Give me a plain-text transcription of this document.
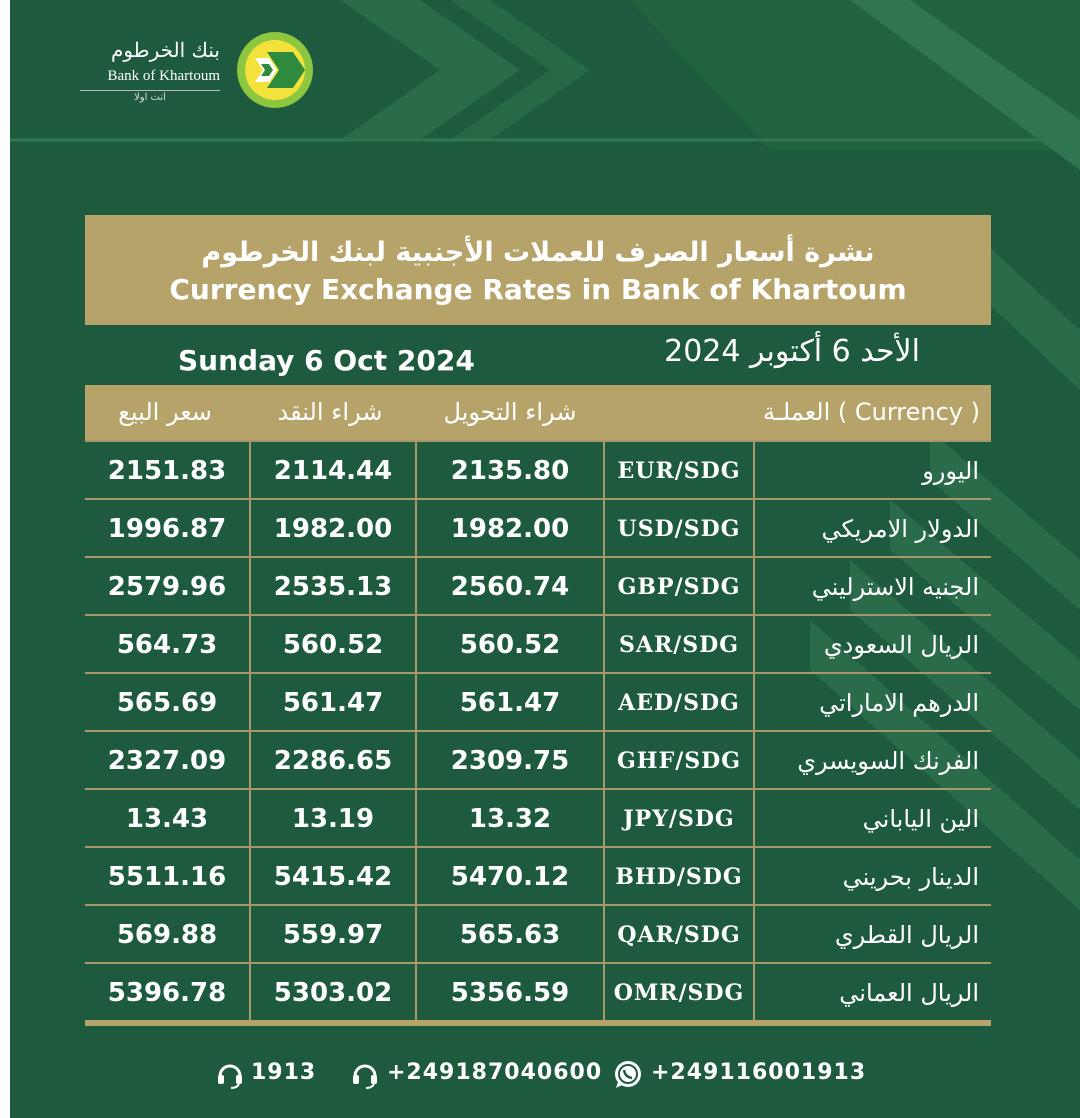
بنك الخرطوم
Bank of Khartoum
انت اولا
نشرة أسعار الصرف للعملات الأجنبية لبنك الخرطوم
Currency Exchange Rates in Bank of Khartoum
Sunday 6 Oct 2024	الأحد 6 أكتوبر 2024
سعر البيع	شراء النقد	شراء التحويل	العملـة ( Currency )
2151.83	2114.44	2135.80	EUR/SDG	اليورو
1996.87	1982.00	1982.00	USD/SDG	الدولار الامريكي
2579.96	2535.13	2560.74	GBP/SDG	الجنيه الاسترليني
564.73	560.52	560.52	SAR/SDG	الريال السعودي
565.69	561.47	561.47	AED/SDG	الدرهم الاماراتي
2327.09	2286.65	2309.75	GHF/SDG	الفرنك السويسري
13.43	13.19	13.32	JPY/SDG	الين الياباني
5511.16	5415.42	5470.12	BHD/SDG	الدينار بحريني
569.88	559.97	565.63	QAR/SDG	الريال القطري
5396.78	5303.02	5356.59	OMR/SDG	الريال العماني
1913	+249187040600 +249116001913
